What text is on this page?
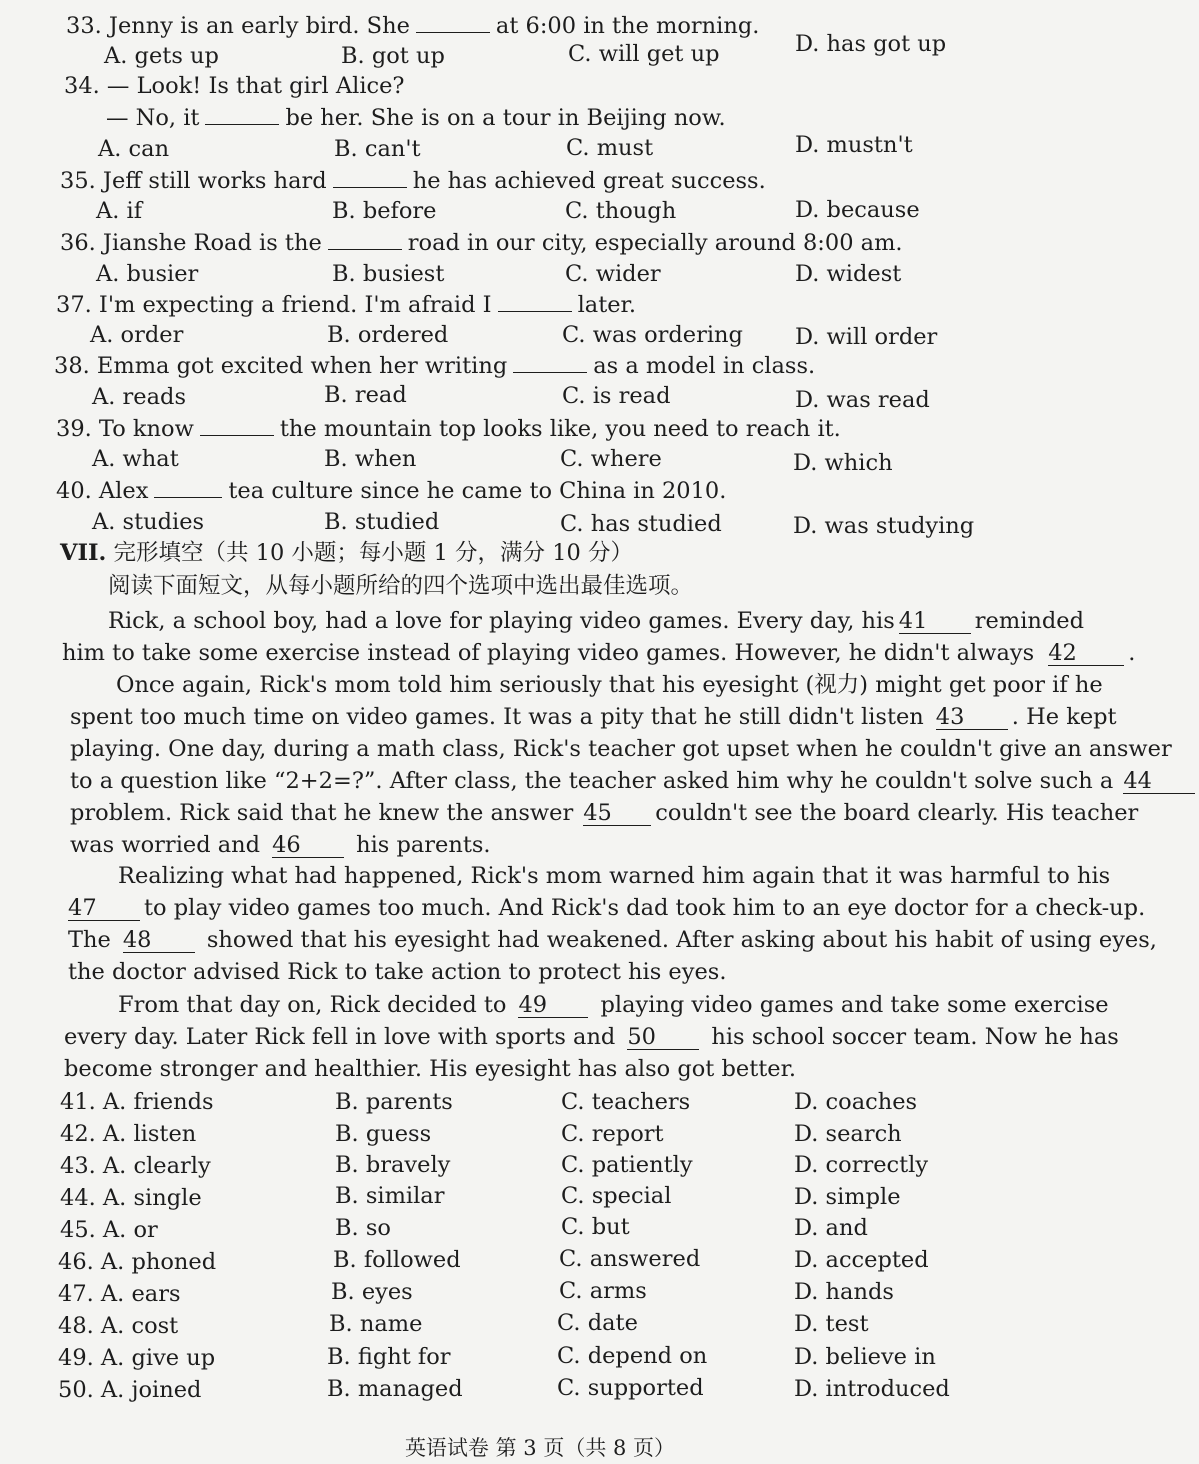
33. Jenny is an early bird. She	at 6:00 in the morning.
A. gets up	B. got up	C. will get up	D. has got up
34. — Look! Is that girl Alice?
— No, it	be her. She is on a tour in Beijing now.
A. can	B. can't	C. must	D. mustn't
35. Jeff still works hard	he has achieved great success.
A. if	B. before	C. though	D. because
36. Jianshe Road is the	road in our city, especially around 8:00 am.
A. busier	B. busiest	C. wider	D. widest
37. I'm expecting a friend. I'm afraid I	later.
A. order	B. ordered	C. was ordering D. will order
38. Emma got excited when her writing	as a model in class.
A. reads	B. read	C. is read	D. was read
39. To know	the mountain top looks like, you need to reach it.
A. what	B. when	C. where	D. which
40. Alex	tea culture since he came to China in 2010.
A. studies	B. studied	C. has studied	D. was studying
VII. 完形填空（共 10 小题；每小题 1 分，满分 10 分）
阅读下面短文，从每小题所给的四个选项中选出最佳选项。
Rick, a school boy, had a love for playing video games. Every day, his 41 reminded
him to take some exercise instead of playing video games. However, he didn't always 42 .
Once again, Rick's mom told him seriously that his eyesight (视力) might get poor if he
spent too much time on video games. It was a pity that he still didn't listen 43 . He kept
playing. One day, during a math class, Rick's teacher got upset when he couldn't give an answer
to a question like “2+2=?”. After class, the teacher asked him why he couldn't solve such a 44
problem. Rick said that he knew the answer 45 couldn't see the board clearly. His teacher
was worried and 46 his parents.
Realizing what had happened, Rick's mom warned him again that it was harmful to his
47 to play video games too much. And Rick's dad took him to an eye doctor for a check-up.
The 48 showed that his eyesight had weakened. After asking about his habit of using eyes,
the doctor advised Rick to take action to protect his eyes.
From that day on, Rick decided to 49 playing video games and take some exercise
every day. Later Rick fell in love with sports and 50 his school soccer team. Now he has
become stronger and healthier. His eyesight has also got better.
41. A. friends	B. parents	C. teachers	D. coaches
42. A. listen	B. guess	C. report	D. search
43. A. clearly	B. bravely	C. patiently	D. correctly
44. A. single	B. similar	C. special	D. simple
45. A. or	B. so	C. but	D. and
46. A. phoned	B. followed	C. answered	D. accepted
47. A. ears	B. eyes	C. arms	D. hands
48. A. cost	B. name	C. date	D. test
49. A. give up	B. fight for	C. depend on	D. believe in
50. A. joined	B. managed	C. supported	D. introduced
英语试卷 第 3 页（共 8 页）
